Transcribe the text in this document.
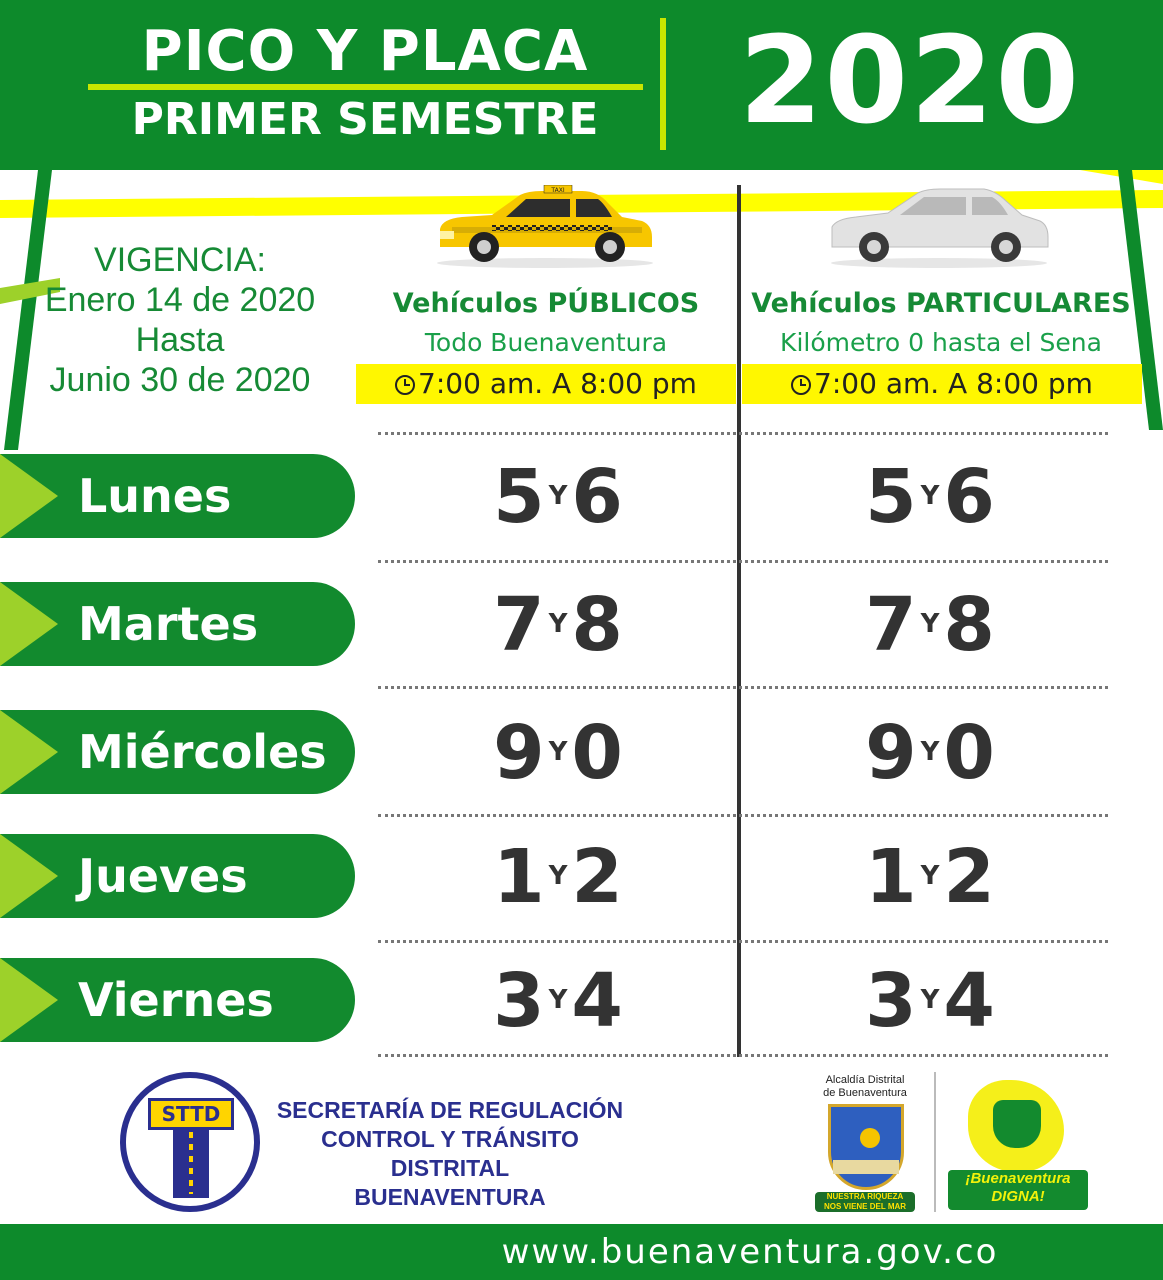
PICO Y PLACA
PRIMER SEMESTRE	2020
VIGENCIA:
Enero 14 de 2020
Hasta
Junio 30 de 2020
TAXI
Vehículos PÚBLICOS
Todo Buenaventura
7:00 am. A 8:00 pm
Vehículos PARTICULARES
Kilómetro 0 hasta el Sena
7:00 am. A 8:00 pm
Lunes	5 $^Y$6	5 $^Y$6
Martes	7 $^Y$8	7 $^Y$8
Miércoles	9 $^Y$0	9 $^Y$0
Jueves	1 $^Y$2	1 $^Y$2
Viernes	3 $^Y$4	3 $^Y$4
STTD	SECRETARÍA DE REGULACIÓN
CONTROL Y TRÁNSITO DISTRITAL
BUENAVENTURA
Alcaldía Distrital
de Buenaventura
NUESTRA RIQUEZA
NOS VIENE DEL MAR
¡Buenaventura
DIGNA!
www.buenaventura.gov.co
